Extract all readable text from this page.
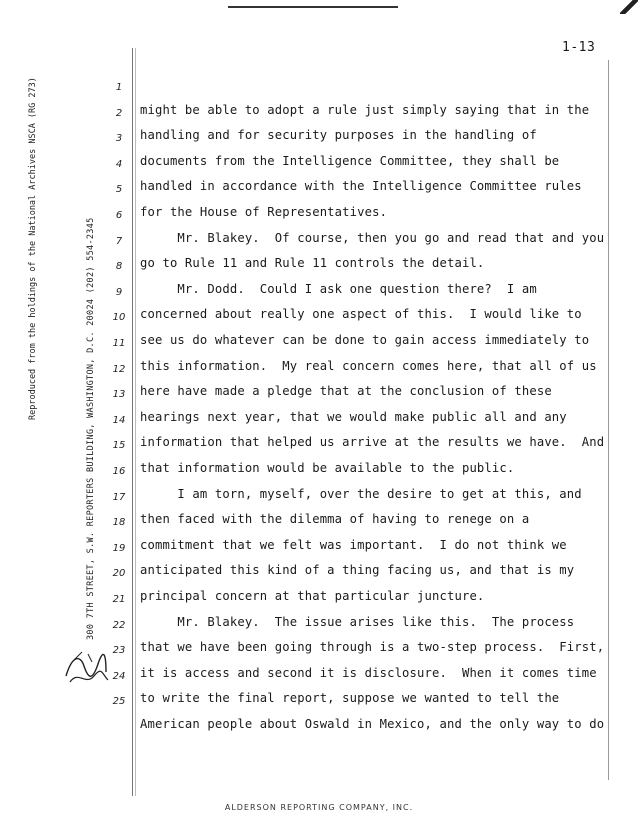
1-13
Reproduced from the holdings of the National Archives NSCA (RG 273)	300 7TH STREET, S.W. REPORTERS BUILDING, WASHINGTON, D.C. 20024 (202) 554-2345
1
2
3
4
5
6
7
8
9
10
11
12
13
14
15
16
17
18
19
20
21
22
23
24
25
might be able to adopt a rule just simply saying that in the
handling and for security purposes in the handling of
documents from the Intelligence Committee, they shall be
handled in accordance with the Intelligence Committee rules
for the House of Representatives.
Mr. Blakey.  Of course, then you go and read that and you
go to Rule 11 and Rule 11 controls the detail.
Mr. Dodd.  Could I ask one question there?  I am
concerned about really one aspect of this.  I would like to
see us do whatever can be done to gain access immediately to
this information.  My real concern comes here, that all of us
here have made a pledge that at the conclusion of these
hearings next year, that we would make public all and any
information that helped us arrive at the results we have.  And
that information would be available to the public.
I am torn, myself, over the desire to get at this, and
then faced with the dilemma of having to renege on a
commitment that we felt was important.  I do not think we
anticipated this kind of a thing facing us, and that is my
principal concern at that particular juncture.
Mr. Blakey.  The issue arises like this.  The process
that we have been going through is a two-step process.  First,
it is access and second it is disclosure.  When it comes time
to write the final report, suppose we wanted to tell the
American people about Oswald in Mexico, and the only way to do
ALDERSON REPORTING COMPANY, INC.
